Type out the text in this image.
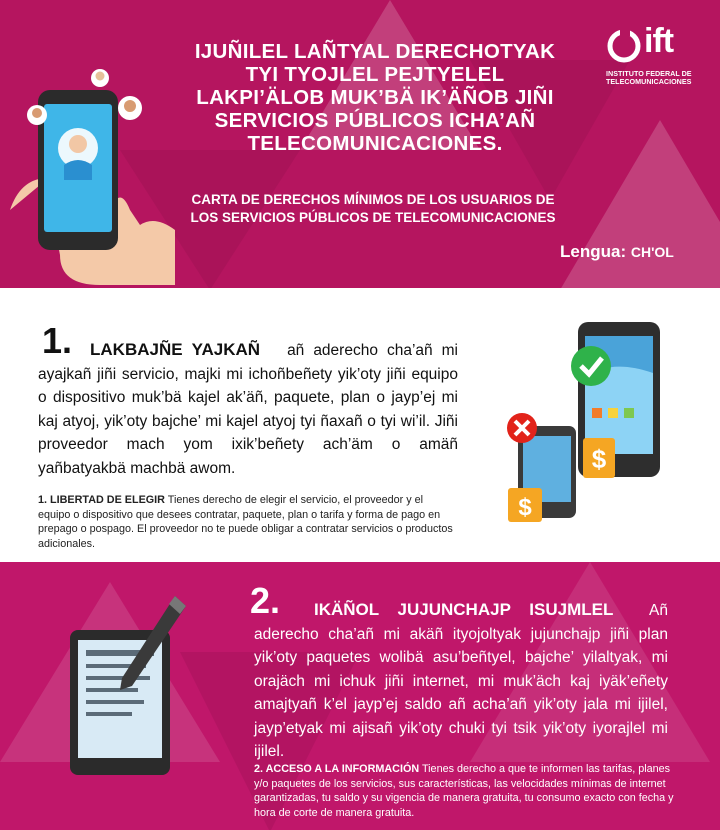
IJUÑILEL LAÑTYAL DERECHOTYAK TYI TYOJLEL PEJTYELEL LAKPI’ÄLOB MUK’BÄ IK’ÄÑOB JIÑI SERVICIOS PÚBLICOS ICHA’AÑ TELECOMUNICACIONES.
CARTA DE DERECHOS MÍNIMOS DE LOS USUARIOS DE LOS SERVICIOS PÚBLICOS DE TELECOMUNICACIONES
Lengua: CH'OL
ift
INSTITUTO FEDERAL DE TELECOMUNICACIONES
1.	LAKBAJÑE YAJKAÑ añ aderecho cha’añ mi ayajkañ jiñi servicio, majki mi ichoñbeñety yik’oty jiñi equipo o dispositivo muk’bä kajel ak’äñ, paquete, plan o jayp’ej mi kaj atyoj, yik’oty bajche’ mi kajel atyoj tyi ñaxañ o tyi wi’il. Jiñi proveedor mach yom ixik’beñety ach’äm o amäñ yañbatyakbä machbä awom.
1. LIBERTAD DE ELEGIR Tienes derecho de elegir el servicio, el proveedor y el equipo o dispositivo que desees contratar, paquete, plan o tarifa y forma de pago en prepago o pospago. El proveedor no te puede obligar a contratar servicios o productos adicionales.
$
$
2.	IKÄÑOL JUJUNCHAJP ISUJMLEL Añ aderecho cha’añ mi akäñ ityojoltyak jujunchajp jiñi plan yik’oty paquetes wolibä asu’beñtyel, bajche’ yilaltyak, mi orajäch mi ichuk jiñi internet, mi muk’äch kaj iyäk’eñety amajtyañ k’el jayp’ej saldo añ acha’añ yik’oty jala mi ijilel, jayp’etyak mi ajisañ yik’oty chuki tyi tsik yik’oty iyorajlel mi ijilel.
2. ACCESO A LA INFORMACIÓN Tienes derecho a que te informen las tarifas, planes y/o paquetes de los servicios, sus características, las velocidades mínimas de internet garantizadas, tu saldo y su vigencia de manera gratuita, tu consumo exacto con fecha y hora de corte de manera gratuita.
